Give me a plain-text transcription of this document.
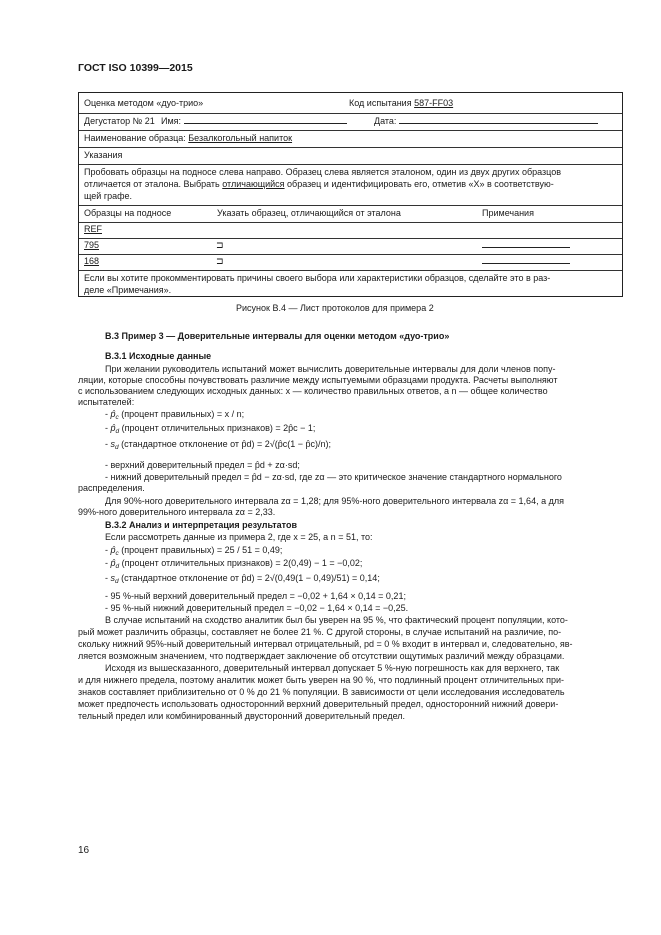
ГОСТ ISO 10399—2015
Оценка методом «дуо-трио»	Код испытания 587-FF03
Дегустатор № 21 Имя:	Дата:
Наименование образца: Безалкогольный напиток
Указания
Пробовать образцы на подносе слева направо. Образец слева является эталоном, один из двух других образцов
отличается от эталона. Выбрать отличающийся образец и идентифицировать его, отметив «X» в соответствую-
щей графе.
Образцы на подносе	Указать образец, отличающийся от эталона	Примечания
REF
795	⊐
168	⊐
Если вы хотите прокомментировать причины своего выбора или характеристики образцов, сделайте это в раз-
деле «Примечания».
Рисунок В.4 — Лист протоколов для примера 2
В.3 Пример 3 — Доверительные интервалы для оценки методом «дуо-трио»
В.3.1 Исходные данные
При желании руководитель испытаний может вычислить доверительные интервалы для доли членов попу-
ляции, которые способны почувствовать различие между испытуемыми образцами продукта. Расчеты выполняют
с использованием следующих исходных данных: x — количество правильных ответов, а n — общее количество
испытателей:
- $p̂_c$ (процент правильных) = x / n;
- $p̂_d$ (процент отличительных признаков) = 2p̂c − 1;
- $s_d$ (стандартное отклонение от p̂d) = 2√(p̂c(1 − p̂c)/n);
- верхний доверительный предел = p̂d + zα·sd;
- нижний доверительный предел = p̂d − zα·sd, где zα — это критическое значение стандартного нормального
распределения.
Для 90%-ного доверительного интервала zα = 1,28; для 95%-ного доверительного интервала zα = 1,64, а для
99%-ного доверительного интервала zα = 2,33.
В.3.2 Анализ и интерпретация результатов
Если рассмотреть данные из примера 2, где x = 25, а n = 51, то:
- $p̂_c$ (процент правильных) = 25 / 51 = 0,49;
- $p̂_d$ (процент отличительных признаков) = 2(0,49) − 1 = −0,02;
- $s_d$ (стандартное отклонение от p̂d) = 2√(0,49(1 − 0,49)/51) = 0,14;
- 95 %-ный верхний доверительный предел = −0,02 + 1,64 × 0,14 = 0,21;
- 95 %-ный нижний доверительный предел = −0,02 − 1,64 × 0,14 = −0,25.
В случае испытаний на сходство аналитик был бы уверен на 95 %, что фактический процент популяции, кото-
рый может различить образцы, составляет не более 21 %. С другой стороны, в случае испытаний на различие, по-
скольку нижний 95%-ный доверительный интервал отрицательный, pd = 0 % входит в интервал и, следовательно, яв-
ляется возможным значением, что подтверждает заключение об отсутствии ощутимых различий между образцами.
Исходя из вышесказанного, доверительный интервал допускает 5 %-ную погрешность как для верхнего, так
и для нижнего предела, поэтому аналитик может быть уверен на 90 %, что подлинный процент отличительных при-
знаков составляет приблизительно от 0 % до 21 % популяции. В зависимости от цели исследования исследователь
может предпочесть использовать односторонний верхний доверительный предел, односторонний нижний довери-
тельный предел или комбинированный двусторонний доверительный предел.
16
